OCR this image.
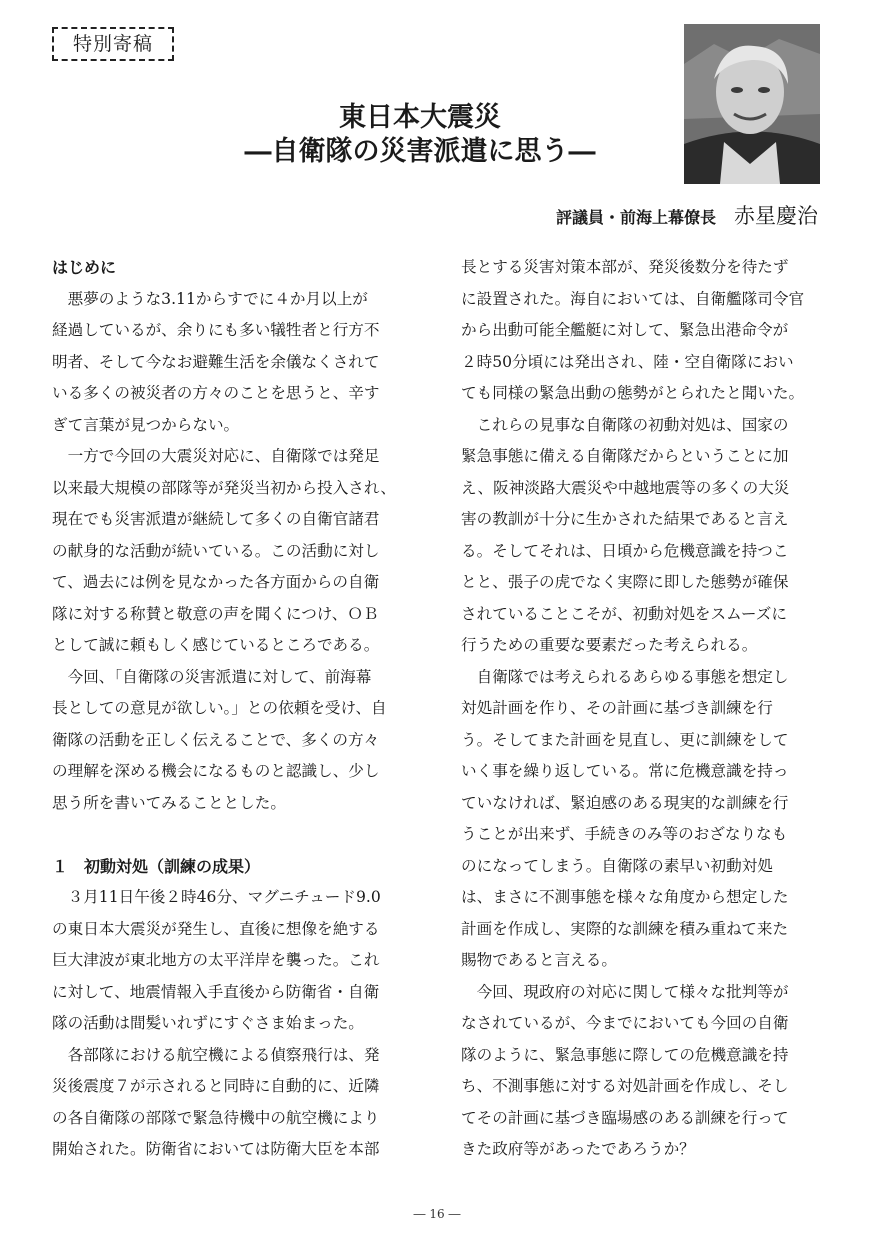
特別寄稿
東日本大震災
―自衛隊の災害派遣に思う―
評議員・前海上幕僚長 赤星慶治
はじめに
　悪夢のような3.11からすでに４か月以上が
経過しているが、余りにも多い犠牲者と行方不
明者、そして今なお避難生活を余儀なくされて
いる多くの被災者の方々のことを思うと、辛す
ぎて言葉が見つからない。
　一方で今回の大震災対応に、自衛隊では発足
以来最大規模の部隊等が発災当初から投入され、
現在でも災害派遣が継続して多くの自衛官諸君
の献身的な活動が続いている。この活動に対し
て、過去には例を見なかった各方面からの自衛
隊に対する称賛と敬意の声を聞くにつけ、ＯＢ
として誠に頼もしく感じているところである。
　今回、「自衛隊の災害派遣に対して、前海幕
長としての意見が欲しい。」との依頼を受け、自
衛隊の活動を正しく伝えることで、多くの方々
の理解を深める機会になるものと認識し、少し
思う所を書いてみることとした。
１　初動対処（訓練の成果）
　３月11日午後２時46分、マグニチュード9.0
の東日本大震災が発生し、直後に想像を絶する
巨大津波が東北地方の太平洋岸を襲った。これ
に対して、地震情報入手直後から防衛省・自衛
隊の活動は間髪いれずにすぐさま始まった。
　各部隊における航空機による偵察飛行は、発
災後震度７が示されると同時に自動的に、近隣
の各自衛隊の部隊で緊急待機中の航空機により
開始された。防衛省においては防衛大臣を本部
長とする災害対策本部が、発災後数分を待たず
に設置された。海自においては、自衛艦隊司令官
から出動可能全艦艇に対して、緊急出港命令が
２時50分頃には発出され、陸・空自衛隊におい
ても同様の緊急出動の態勢がとられたと聞いた。
　これらの見事な自衛隊の初動対処は、国家の
緊急事態に備える自衛隊だからということに加
え、阪神淡路大震災や中越地震等の多くの大災
害の教訓が十分に生かされた結果であると言え
る。そしてそれは、日頃から危機意識を持つこ
とと、張子の虎でなく実際に即した態勢が確保
されていることこそが、初動対処をスムーズに
行うための重要な要素だった考えられる。
　自衛隊では考えられるあらゆる事態を想定し
対処計画を作り、その計画に基づき訓練を行
う。そしてまた計画を見直し、更に訓練をして
いく事を繰り返している。常に危機意識を持っ
ていなければ、緊迫感のある現実的な訓練を行
うことが出来ず、手続きのみ等のおざなりなも
のになってしまう。自衛隊の素早い初動対処
は、まさに不測事態を様々な角度から想定した
計画を作成し、実際的な訓練を積み重ねて来た
賜物であると言える。
　今回、現政府の対応に関して様々な批判等が
なされているが、今までにおいても今回の自衛
隊のように、緊急事態に際しての危機意識を持
ち、不測事態に対する対処計画を作成し、そし
てその計画に基づき臨場感のある訓練を行って
きた政府等があったであろうか？
― 16 ―
